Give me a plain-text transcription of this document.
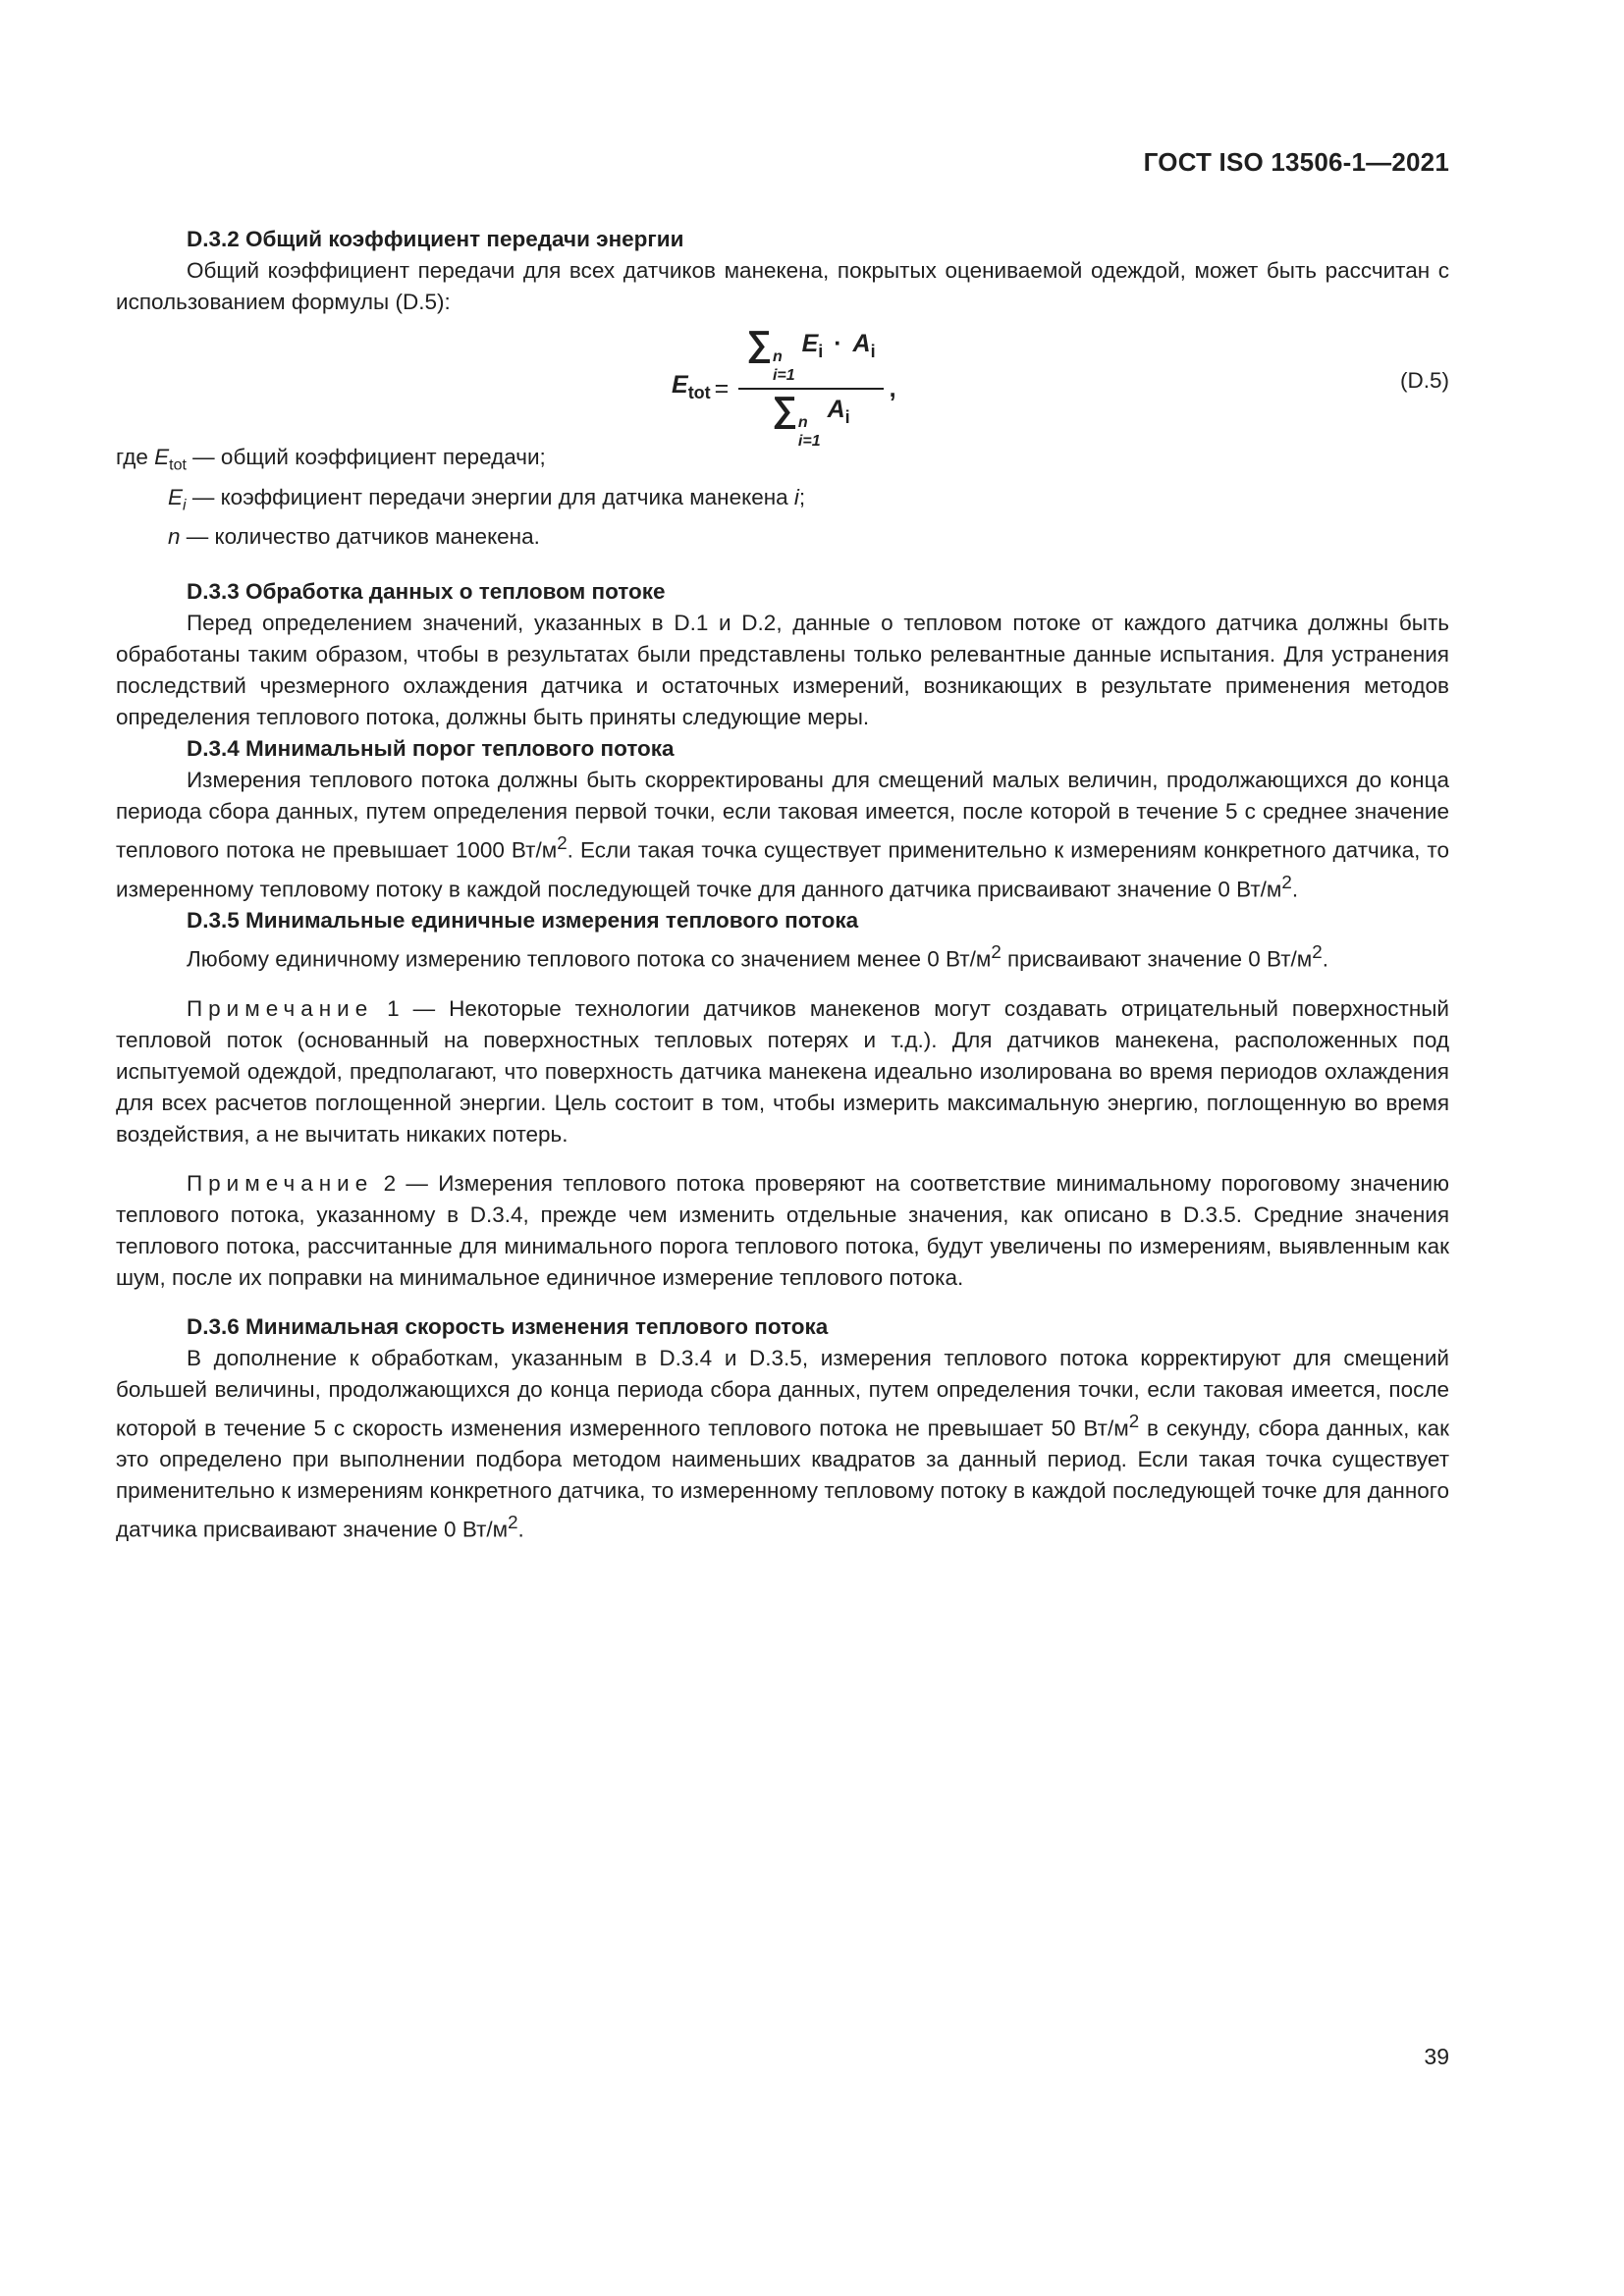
ГОСТ ISO 13506-1—2021

D.3.2 Общий коэффициент передачи энергии

Общий коэффициент передачи для всех датчиков манекена, покрытых оцениваемой одеждой, может быть рассчитан с использованием формулы (D.5):

$E_{tot}$ = ∑ n
i=1
$E_i \cdot A_i$
∑ n
i=1
$A_i$ ,	(D.5)

где $E_{tot}$ — общий коэффициент передачи;

$E_i$ — коэффициент передачи энергии для датчика манекена i;

n — количество датчиков манекена.

D.3.3 Обработка данных о тепловом потоке

Перед определением значений, указанных в D.1 и D.2, данные о тепловом потоке от каждого датчика должны быть обработаны таким образом, чтобы в результатах были представлены только релевантные данные испытания. Для устранения последствий чрезмерного охлаждения датчика и остаточных измерений, возникающих в результате применения методов определения теплового потока, должны быть приняты следующие меры.

D.3.4 Минимальный порог теплового потока

Измерения теплового потока должны быть скорректированы для смещений малых величин, продолжающихся до конца периода сбора данных, путем определения первой точки, если таковая имеется, после которой в течение 5 с среднее значение теплового потока не превышает 1000 $Вт/м^2$. Если такая точка существует применительно к измерениям конкретного датчика, то измеренному тепловому потоку в каждой последующей точке для данного датчика присваивают значение 0 $Вт/м^2$.

D.3.5 Минимальные единичные измерения теплового потока

Любому единичному измерению теплового потока со значением менее 0 $Вт/м^2$ присваивают значение 0 $Вт/м^2$.

Примечание 1 — Некоторые технологии датчиков манекенов могут создавать отрицательный поверхностный тепловой поток (основанный на поверхностных тепловых потерях и т.д.). Для датчиков манекена, расположенных под испытуемой одеждой, предполагают, что поверхность датчика манекена идеально изолирована во время периодов охлаждения для всех расчетов поглощенной энергии. Цель состоит в том, чтобы измерить максимальную энергию, поглощенную во время воздействия, а не вычитать никаких потерь.

Примечание 2 — Измерения теплового потока проверяют на соответствие минимальному пороговому значению теплового потока, указанному в D.3.4, прежде чем изменить отдельные значения, как описано в D.3.5. Средние значения теплового потока, рассчитанные для минимального порога теплового потока, будут увеличены по измерениям, выявленным как шум, после их поправки на минимальное единичное измерение теплового потока.

D.3.6 Минимальная скорость изменения теплового потока

В дополнение к обработкам, указанным в D.3.4 и D.3.5, измерения теплового потока корректируют для смещений большей величины, продолжающихся до конца периода сбора данных, путем определения точки, если таковая имеется, после которой в течение 5 с скорость изменения измеренного теплового потока не превышает 50 $Вт/м^2$ в секунду, сбора данных, как это определено при выполнении подбора методом наименьших квадратов за данный период. Если такая точка существует применительно к измерениям конкретного датчика, то измеренному тепловому потоку в каждой последующей точке для данного датчика присваивают значение 0 $Вт/м^2$.

39
